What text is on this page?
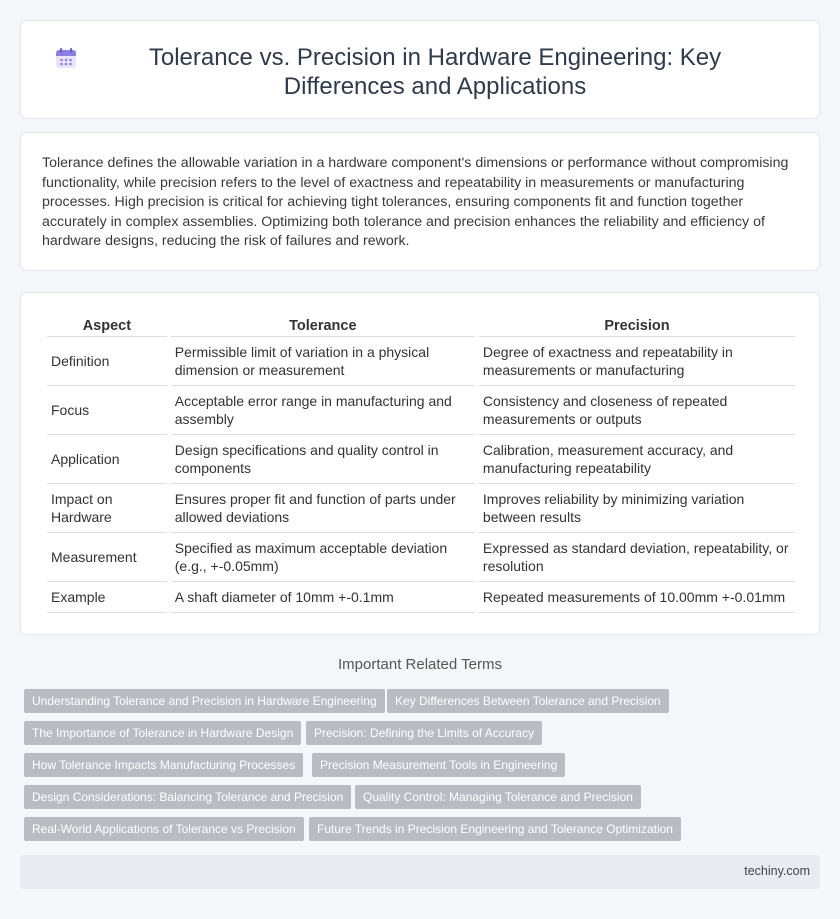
Tolerance vs. Precision in Hardware Engineering: Key Differences and Applications

Tolerance defines the allowable variation in a hardware component's dimensions or performance without compromising functionality, while precision refers to the level of exactness and repeatability in measurements or manufacturing processes. High precision is critical for achieving tight tolerances, ensuring components fit and function together accurately in complex assemblies. Optimizing both tolerance and precision enhances the reliability and efficiency of hardware designs, reducing the risk of failures and rework.

Aspect	Tolerance	Precision
Definition	Permissible limit of variation in a physical dimension or measurement	Degree of exactness and repeatability in measurements or manufacturing
Focus	Acceptable error range in manufacturing and assembly	Consistency and closeness of repeated measurements or outputs
Application	Design specifications and quality control in components	Calibration, measurement accuracy, and manufacturing repeatability
Impact on Hardware	Ensures proper fit and function of parts under allowed deviations	Improves reliability by minimizing variation between results
Measurement	Specified as maximum acceptable deviation (e.g., +-0.05mm)	Expressed as standard deviation, repeatability, or resolution
Example	A shaft diameter of 10mm +-0.1mm	Repeated measurements of 10.00mm +-0.01mm
Important Related Terms
Understanding Tolerance and Precision in Hardware Engineering	Key Differences Between Tolerance and Precision
The Importance of Tolerance in Hardware Design	Precision: Defining the Limits of Accuracy
How Tolerance Impacts Manufacturing Processes	Precision Measurement Tools in Engineering
Design Considerations: Balancing Tolerance and Precision	Quality Control: Managing Tolerance and Precision
Real-World Applications of Tolerance vs Precision	Future Trends in Precision Engineering and Tolerance Optimization
techiny.com
